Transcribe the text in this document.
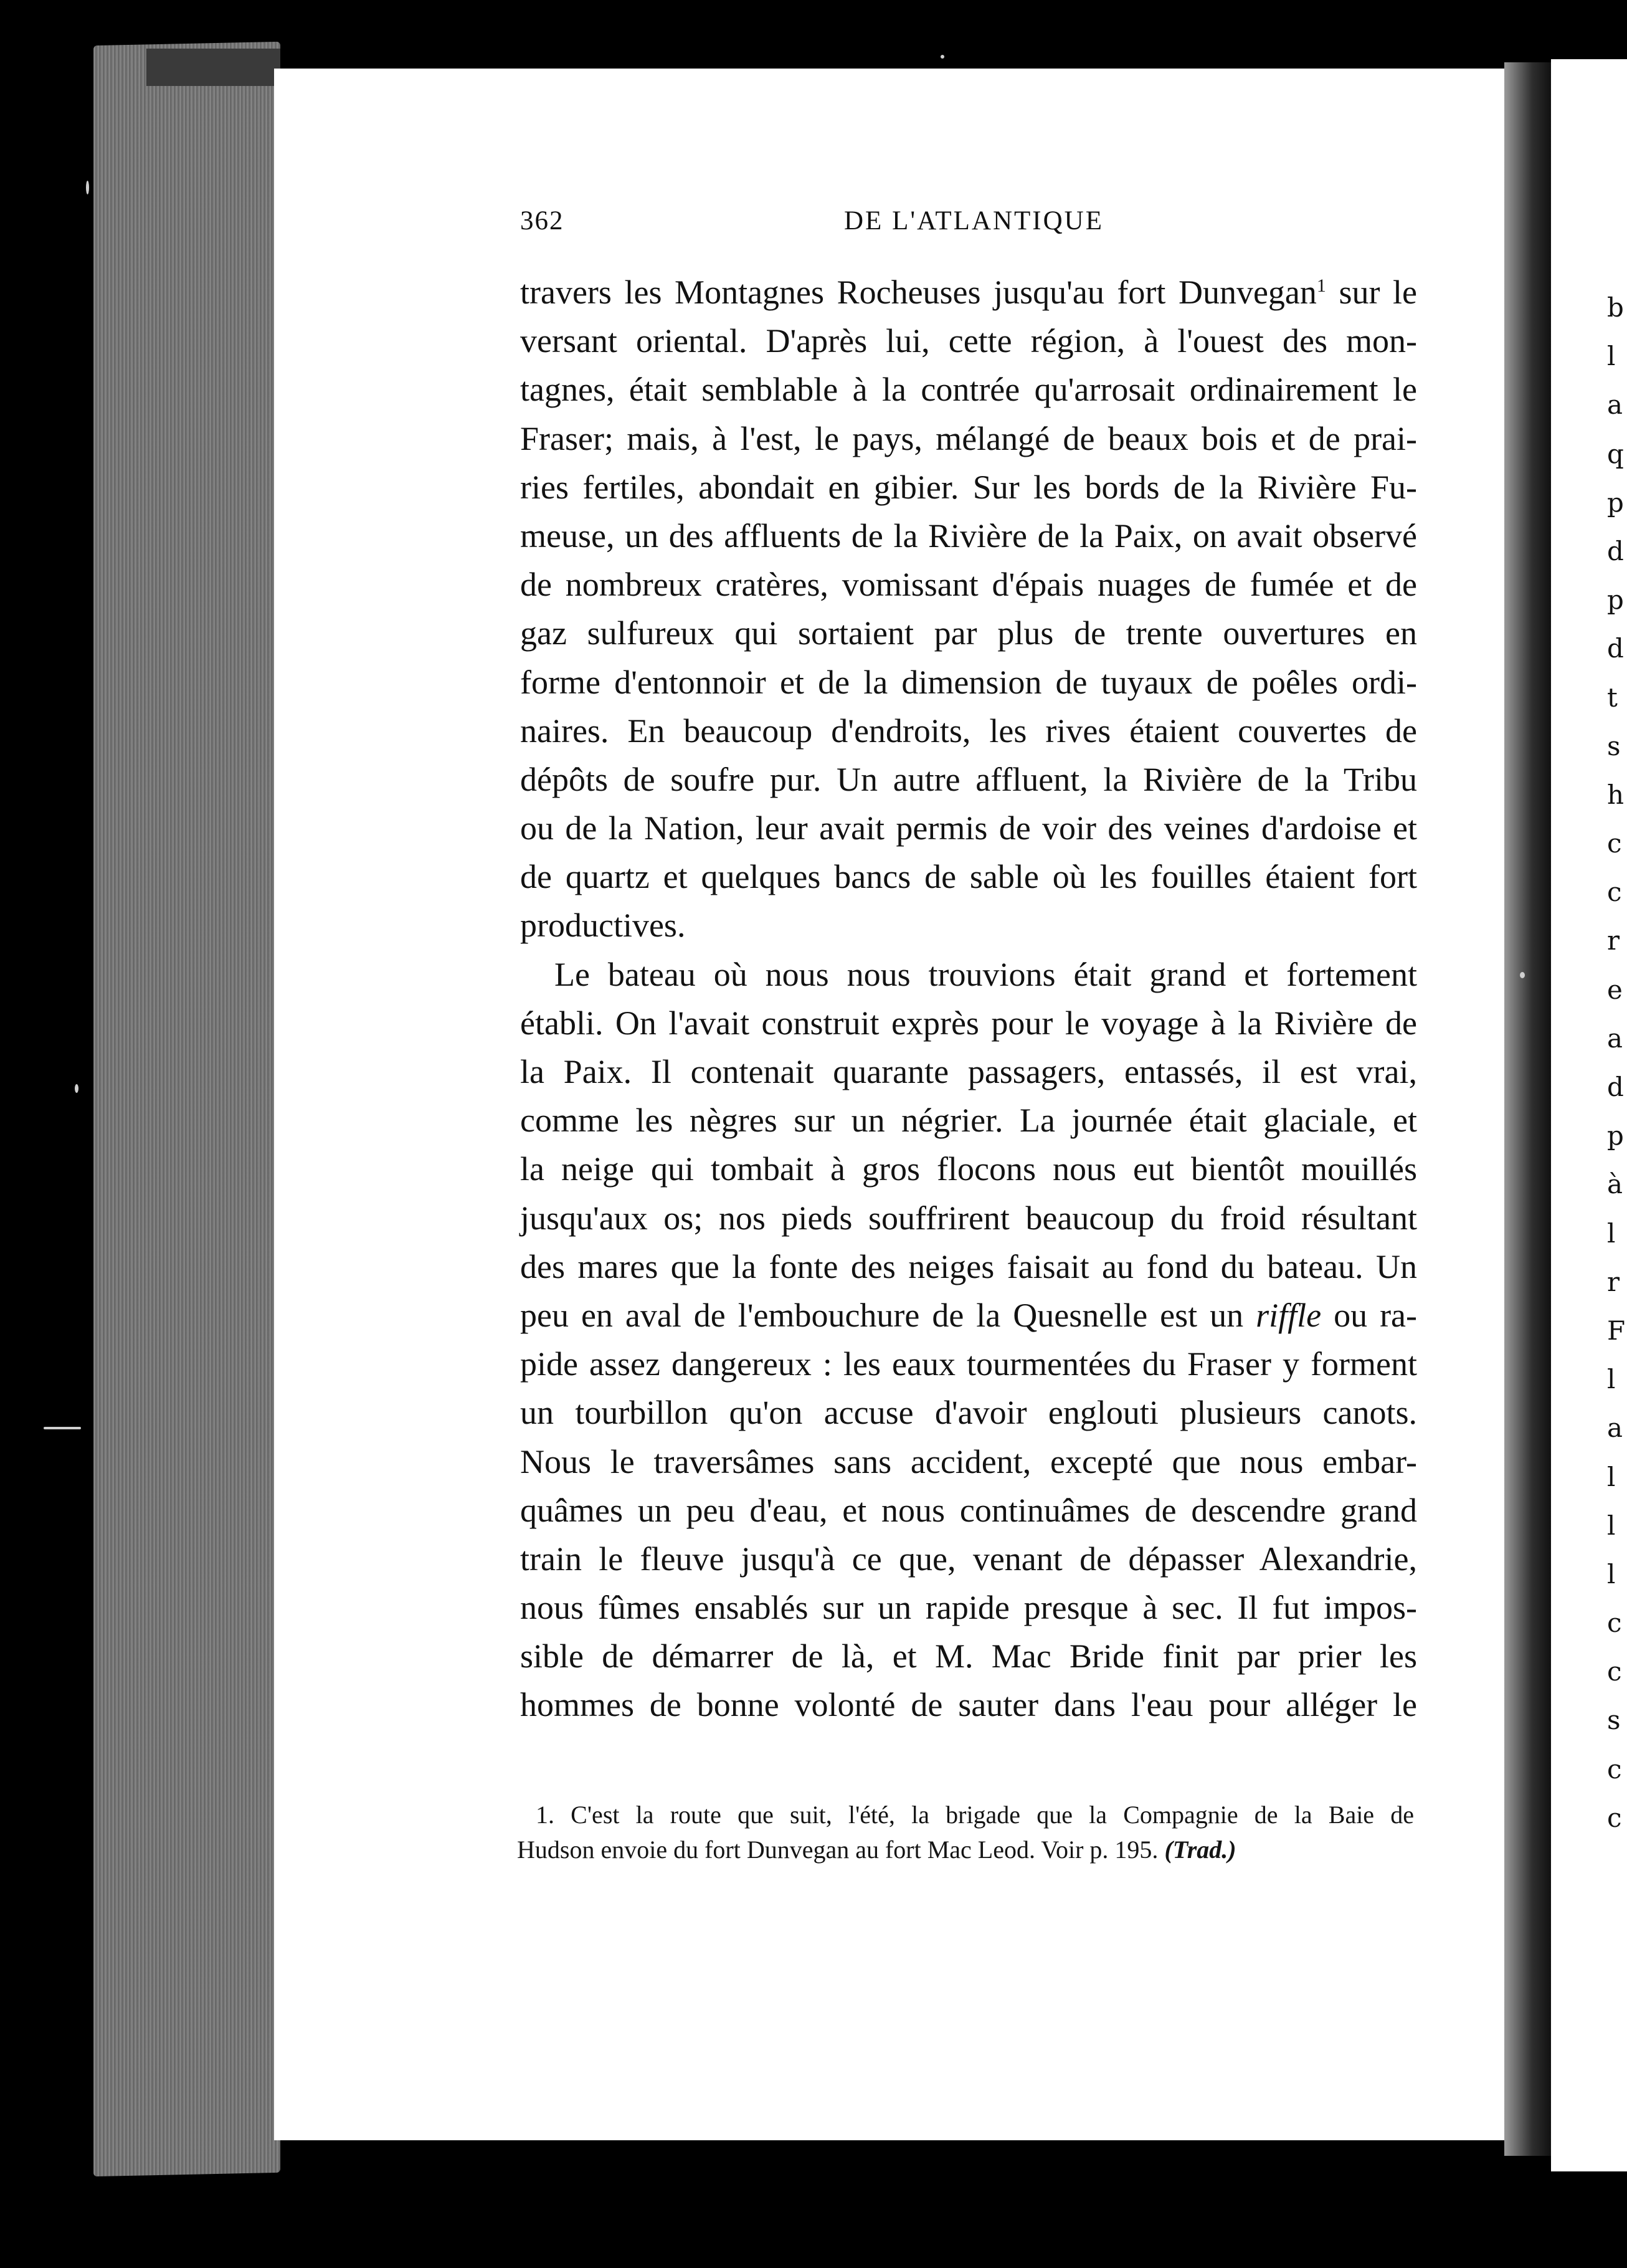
b
l
a
q
p
d
p
d
t
s
h
c
c
r
e
a
d
p
à
l
r
F
l
a
l
l
l
c
c
s
c
c
362	DE L'ATLANTIQUE
travers les Montagnes Rocheuses jusqu'au fort Dunvegan$^1$ sur le
versant oriental. D'après lui, cette région, à l'ouest des mon-
tagnes, était semblable à la contrée qu'arrosait ordinairement le
Fraser; mais, à l'est, le pays, mélangé de beaux bois et de prai-
ries fertiles, abondait en gibier. Sur les bords de la Rivière Fu-
meuse, un des affluents de la Rivière de la Paix, on avait observé
de nombreux cratères, vomissant d'épais nuages de fumée et de
gaz sulfureux qui sortaient par plus de trente ouvertures en
forme d'entonnoir et de la dimension de tuyaux de poêles ordi-
naires. En beaucoup d'endroits, les rives étaient couvertes de
dépôts de soufre pur. Un autre affluent, la Rivière de la Tribu
ou de la Nation, leur avait permis de voir des veines d'ardoise et
de quartz et quelques bancs de sable où les fouilles étaient fort
productives.
Le bateau où nous nous trouvions était grand et fortement
établi. On l'avait construit exprès pour le voyage à la Rivière de
la Paix. Il contenait quarante passagers, entassés, il est vrai,
comme les nègres sur un négrier. La journée était glaciale, et
la neige qui tombait à gros flocons nous eut bientôt mouillés
jusqu'aux os; nos pieds souffrirent beaucoup du froid résultant
des mares que la fonte des neiges faisait au fond du bateau. Un
peu en aval de l'embouchure de la Quesnelle est un riffle ou ra-
pide assez dangereux : les eaux tourmentées du Fraser y forment
un tourbillon qu'on accuse d'avoir englouti plusieurs canots.
Nous le traversâmes sans accident, excepté que nous embar-
quâmes un peu d'eau, et nous continuâmes de descendre grand
train le fleuve jusqu'à ce que, venant de dépasser Alexandrie,
nous fûmes ensablés sur un rapide presque à sec. Il fut impos-
sible de démarrer de là, et M. Mac Bride finit par prier les
hommes de bonne volonté de sauter dans l'eau pour alléger le
1. C'est la route que suit, l'été, la brigade que la Compagnie de la Baie de
Hudson envoie du fort Dunvegan au fort Mac Leod. Voir p. 195. (Trad.)
